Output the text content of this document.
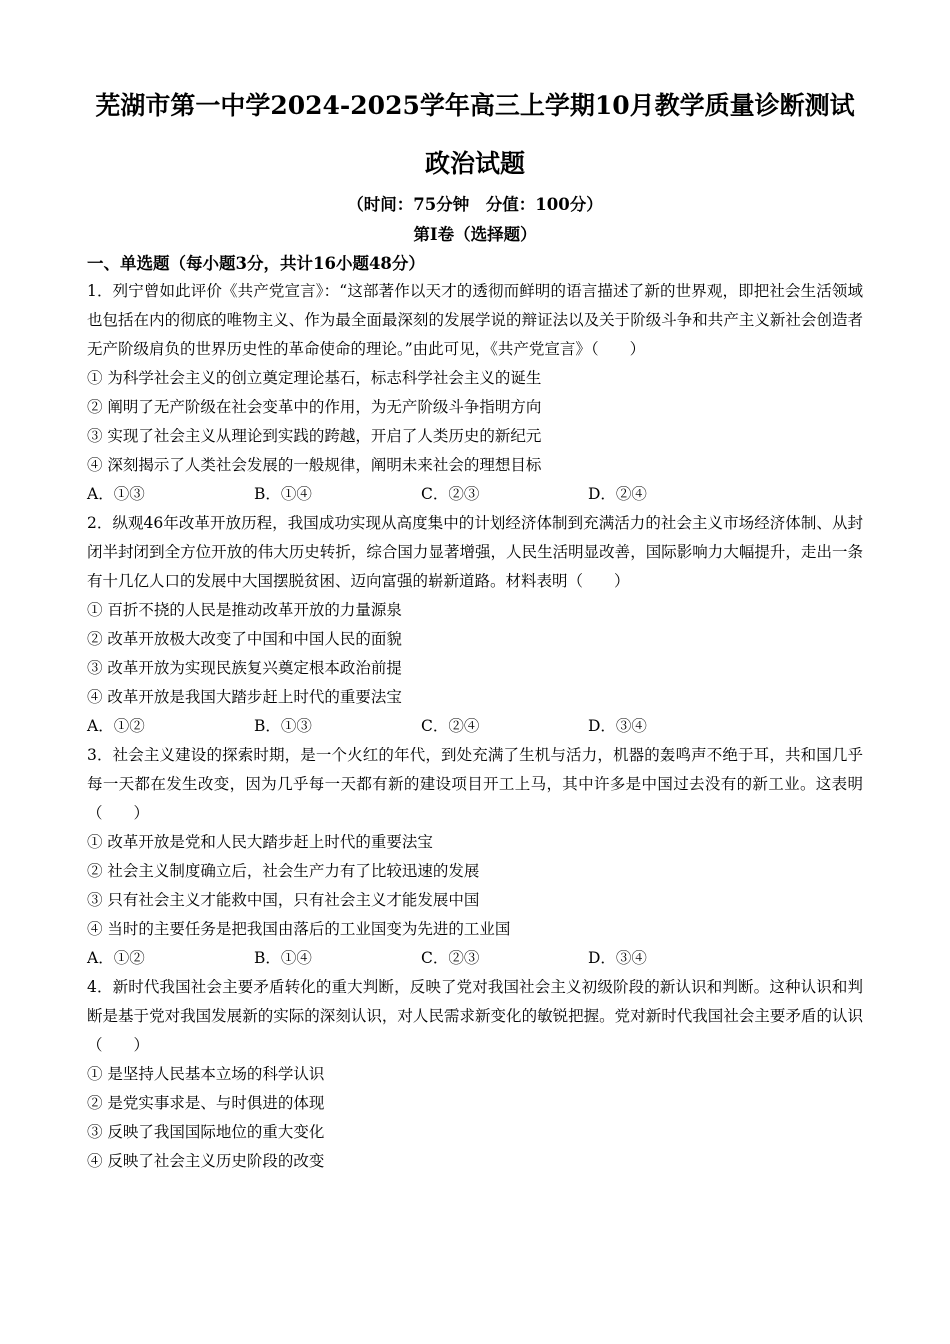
芜湖市第一中学2024-2025学年高三上学期10月教学质量诊断测试
政治试题
（时间：75分钟　分值：100分）
第Ⅰ卷（选择题）
一、单选题（每小题3分，共计16小题48分）

1．列宁曾如此评价《共产党宣言》：“这部著作以天才的透彻而鲜明的语言描述了新的世界观，即把社会生活领域也包括在内的彻底的唯物主义、作为最全面最深刻的发展学说的辩证法以及关于阶级斗争和共产主义新社会创造者无产阶级肩负的世界历史性的革命使命的理论。”由此可见，《共产党宣言》（　　）

① 为科学社会主义的创立奠定理论基石，标志科学社会主义的诞生

② 阐明了无产阶级在社会变革中的作用，为无产阶级斗争指明方向

③ 实现了社会主义从理论到实践的跨越，开启了人类历史的新纪元

④ 深刻揭示了人类社会发展的一般规律，阐明未来社会的理想目标

A．①③	B．①④	C．②③	D．②④

2．纵观46年改革开放历程，我国成功实现从高度集中的计划经济体制到充满活力的社会主义市场经济体制、从封闭半封闭到全方位开放的伟大历史转折，综合国力显著增强，人民生活明显改善，国际影响力大幅提升，走出一条有十几亿人口的发展中大国摆脱贫困、迈向富强的崭新道路。材料表明（　　）

① 百折不挠的人民是推动改革开放的力量源泉

② 改革开放极大改变了中国和中国人民的面貌

③ 改革开放为实现民族复兴奠定根本政治前提

④ 改革开放是我国大踏步赶上时代的重要法宝

A．①②	B．①③	C．②④	D．③④

3．社会主义建设的探索时期，是一个火红的年代，到处充满了生机与活力，机器的轰鸣声不绝于耳，共和国几乎每一天都在发生改变，因为几乎每一天都有新的建设项目开工上马，其中许多是中国过去没有的新工业。这表明（　　）

① 改革开放是党和人民大踏步赶上时代的重要法宝

② 社会主义制度确立后，社会生产力有了比较迅速的发展

③ 只有社会主义才能救中国，只有社会主义才能发展中国

④ 当时的主要任务是把我国由落后的工业国变为先进的工业国

A．①②	B．①④	C．②③	D．③④

4．新时代我国社会主要矛盾转化的重大判断，反映了党对我国社会主义初级阶段的新认识和判断。这种认识和判断是基于党对我国发展新的实际的深刻认识，对人民需求新变化的敏锐把握。党对新时代我国社会主要矛盾的认识（　　）

① 是坚持人民基本立场的科学认识

② 是党实事求是、与时俱进的体现

③ 反映了我国国际地位的重大变化

④ 反映了社会主义历史阶段的改变
